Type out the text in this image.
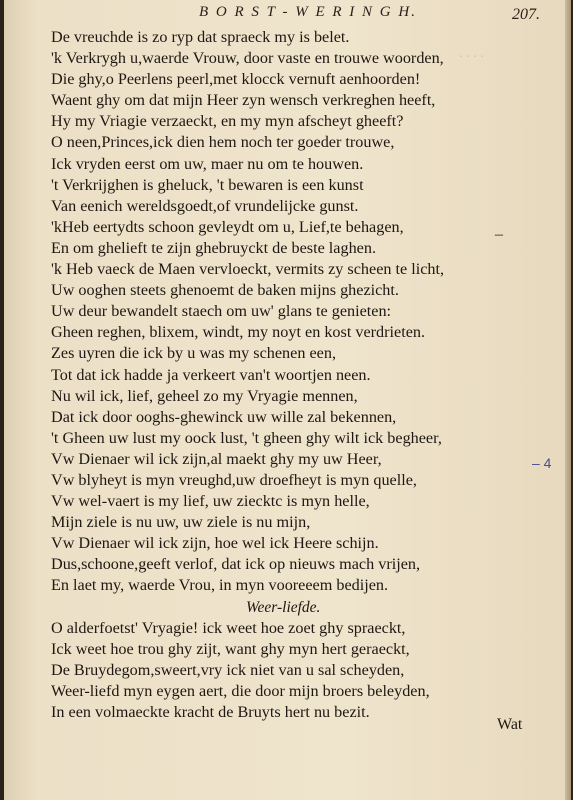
· · · ·
B O R S T - W E R I N G H.	207.
De vreuchde is zo ryp dat spraeck my is belet.
'k Verkrygh u,waerde Vrouw, door vaste en trouwe woorden,
Die ghy,o Peerlens peerl,met klocck vernuft aenhoorden!
Waent ghy om dat mijn Heer zyn wensch verkreghen heeft,
Hy my Vriagie verzaeckt, en my myn afscheyt gheeft?
O neen,Princes,ick dien hem noch ter goeder trouwe,
Ick vryden eerst om uw, maer nu om te houwen.
't Verkrijghen is gheluck, 't bewaren is een kunst
Van eenich wereldsgoedt,of vrundelijcke gunst.
'kHeb eertydts schoon gevleydt om u, Lief,te behagen,
En om ghelieft te zijn ghebruyckt de beste laghen.
'k Heb vaeck de Maen vervloeckt, vermits zy scheen te licht,
Uw ooghen steets ghenoemt de baken mijns ghezicht.
Uw deur bewandelt staech om uw' glans te genieten:
Gheen reghen, blixem, windt, my noyt en kost verdrieten.
Zes uyren die ick by u was my schenen een,
Tot dat ick hadde ja verkeert van't woortjen neen.
Nu wil ick, lief, geheel zo my Vryagie mennen,
Dat ick door ooghs-ghewinck uw wille zal bekennen,
't Gheen uw lust my oock lust, 't gheen ghy wilt ick begheer,
Vw Dienaer wil ick zijn,al maekt ghy my uw Heer,
Vw blyheyt is myn vreughd,uw droefheyt is myn quelle,
Vw wel-vaert is my lief, uw ziecktc is myn helle,
Mijn ziele is nu uw, uw ziele is nu mijn,
Vw Dienaer wil ick zijn, hoe wel ick Heere schijn.
Dus,schoone,geeft verlof, dat ick op nieuws mach vrijen,
En laet my, waerde Vrou, in myn vooreeem bedijen.
Weer-liefde.
O alderfoetst' Vryagie! ick weet hoe zoet ghy spraeckt,
Ick weet hoe trou ghy zijt, want ghy myn hert geraeckt,
De Bruydegom,sweert,vry ick niet van u sal scheyden,
Weer-liefd myn eygen aert, die door mijn broers beleyden,
In een volmaeckte kracht de Bruyts hert nu bezit.
–
– 4
Wat
